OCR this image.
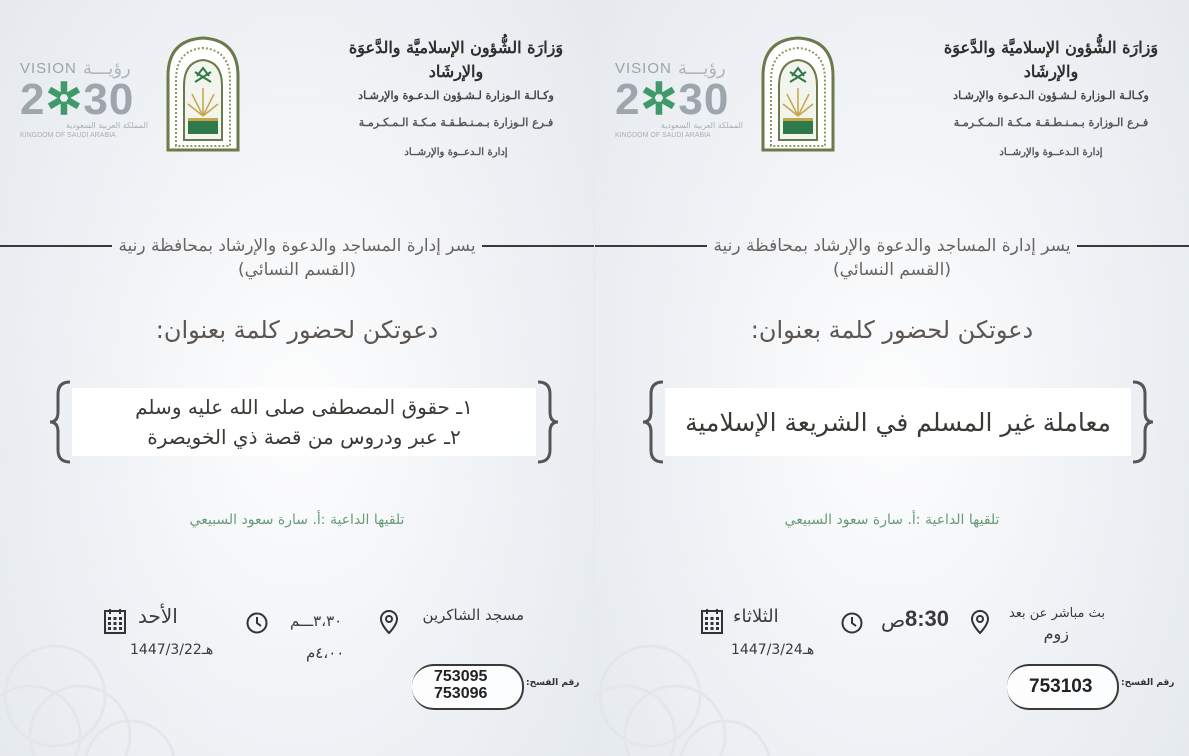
VISION رؤيـــة
2✲30
المملكة العربية السعودية
KINGDOM OF SAUDI ARABIA
وَزارَة الشُّؤون الإسلاميَّة والدَّعوَة والإرشَاد
وكـالـة الـوزارة لـشـؤون الـدعـوة والإرشـاد
فـرع الـوزارة بـمـنـطـقـة مـكـة الـمـكـرمـة
إدارة الـدعــوة والإرشــاد
يسر إدارة المساجد والدعوة والإرشاد بمحافظة رنية
(القسم النسائي)
دعوتكن لحضور كلمة بعنوان:
١ـ حقوق المصطفى صلى الله عليه وسلم
٢ـ عبر ودروس من قصة ذي الخويصرة
تلقيها الداعية :أ. سارة سعود السبيعي
مسجد الشاكرين
٣،٣٠ـــم
٤،٠٠م
الأحد
1447/3/22هـ
رقم الفسح:
753095
753096
VISION رؤيـــة
2✲30
المملكة العربية السعودية
KINGDOM OF SAUDI ARABIA
وَزارَة الشُّؤون الإسلاميَّة والدَّعوَة والإرشَاد
وكـالـة الـوزارة لـشـؤون الـدعـوة والإرشـاد
فـرع الـوزارة بـمـنـطـقـة مـكـة الـمـكـرمـة
إدارة الـدعــوة والإرشــاد
يسر إدارة المساجد والدعوة والإرشاد بمحافظة رنية
(القسم النسائي)
دعوتكن لحضور كلمة بعنوان:
معاملة غير المسلم في الشريعة الإسلامية
تلقيها الداعية :أ. سارة سعود السبيعي
بث مباشر عن بعد
زوم
8:30
ص
الثلاثاء
1447/3/24هـ
رقم الفسح:
753103
